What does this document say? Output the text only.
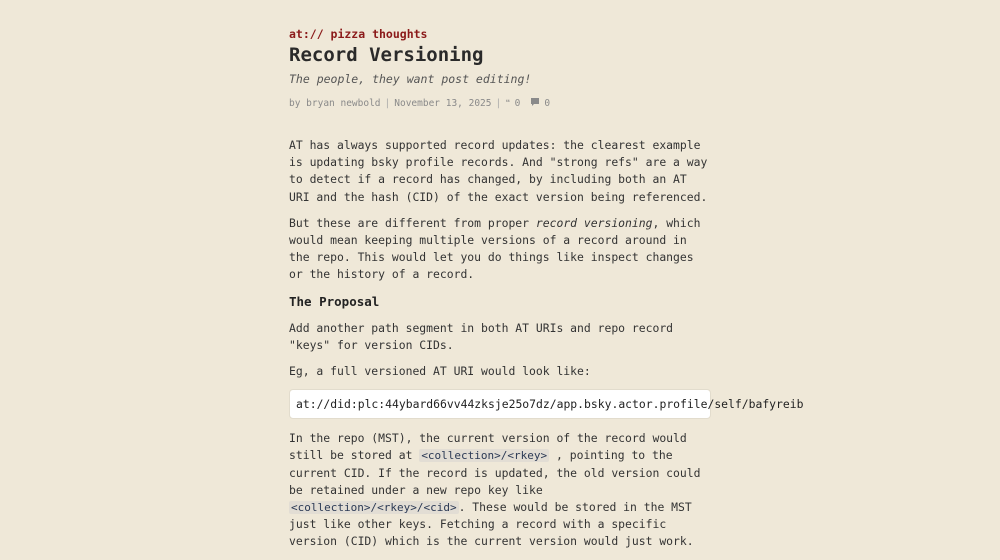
at:// pizza thoughts
Record Versioning
The people, they want post editing!
by bryan newbold | November 13, 2025 | ❝ 0	0

AT has always supported record updates: the clearest example is updating bsky profile records. And "strong refs" are a way to detect if a record has changed, by including both an AT URI and the hash (CID) of the exact version being referenced.

But these are different from proper record versioning, which would mean keeping multiple versions of a record around in the repo. This would let you do things like inspect changes or the history of a record.

The Proposal

Add another path segment in both AT URIs and repo record "keys" for version CIDs.

Eg, a full versioned AT URI would look like:

at://did:plc:44ybard66vv44zksje25o7dz/app.bsky.actor.profile/self/bafyreib

In the repo (MST), the current version of the record would still be stored at <collection>/<rkey> , pointing to the current CID. If the record is updated, the old version could be retained under a new repo key like <collection>/<rkey>/<cid> . These would be stored in the MST just like other keys. Fetching a record with a specific version (CID) which is the current version would just work.
